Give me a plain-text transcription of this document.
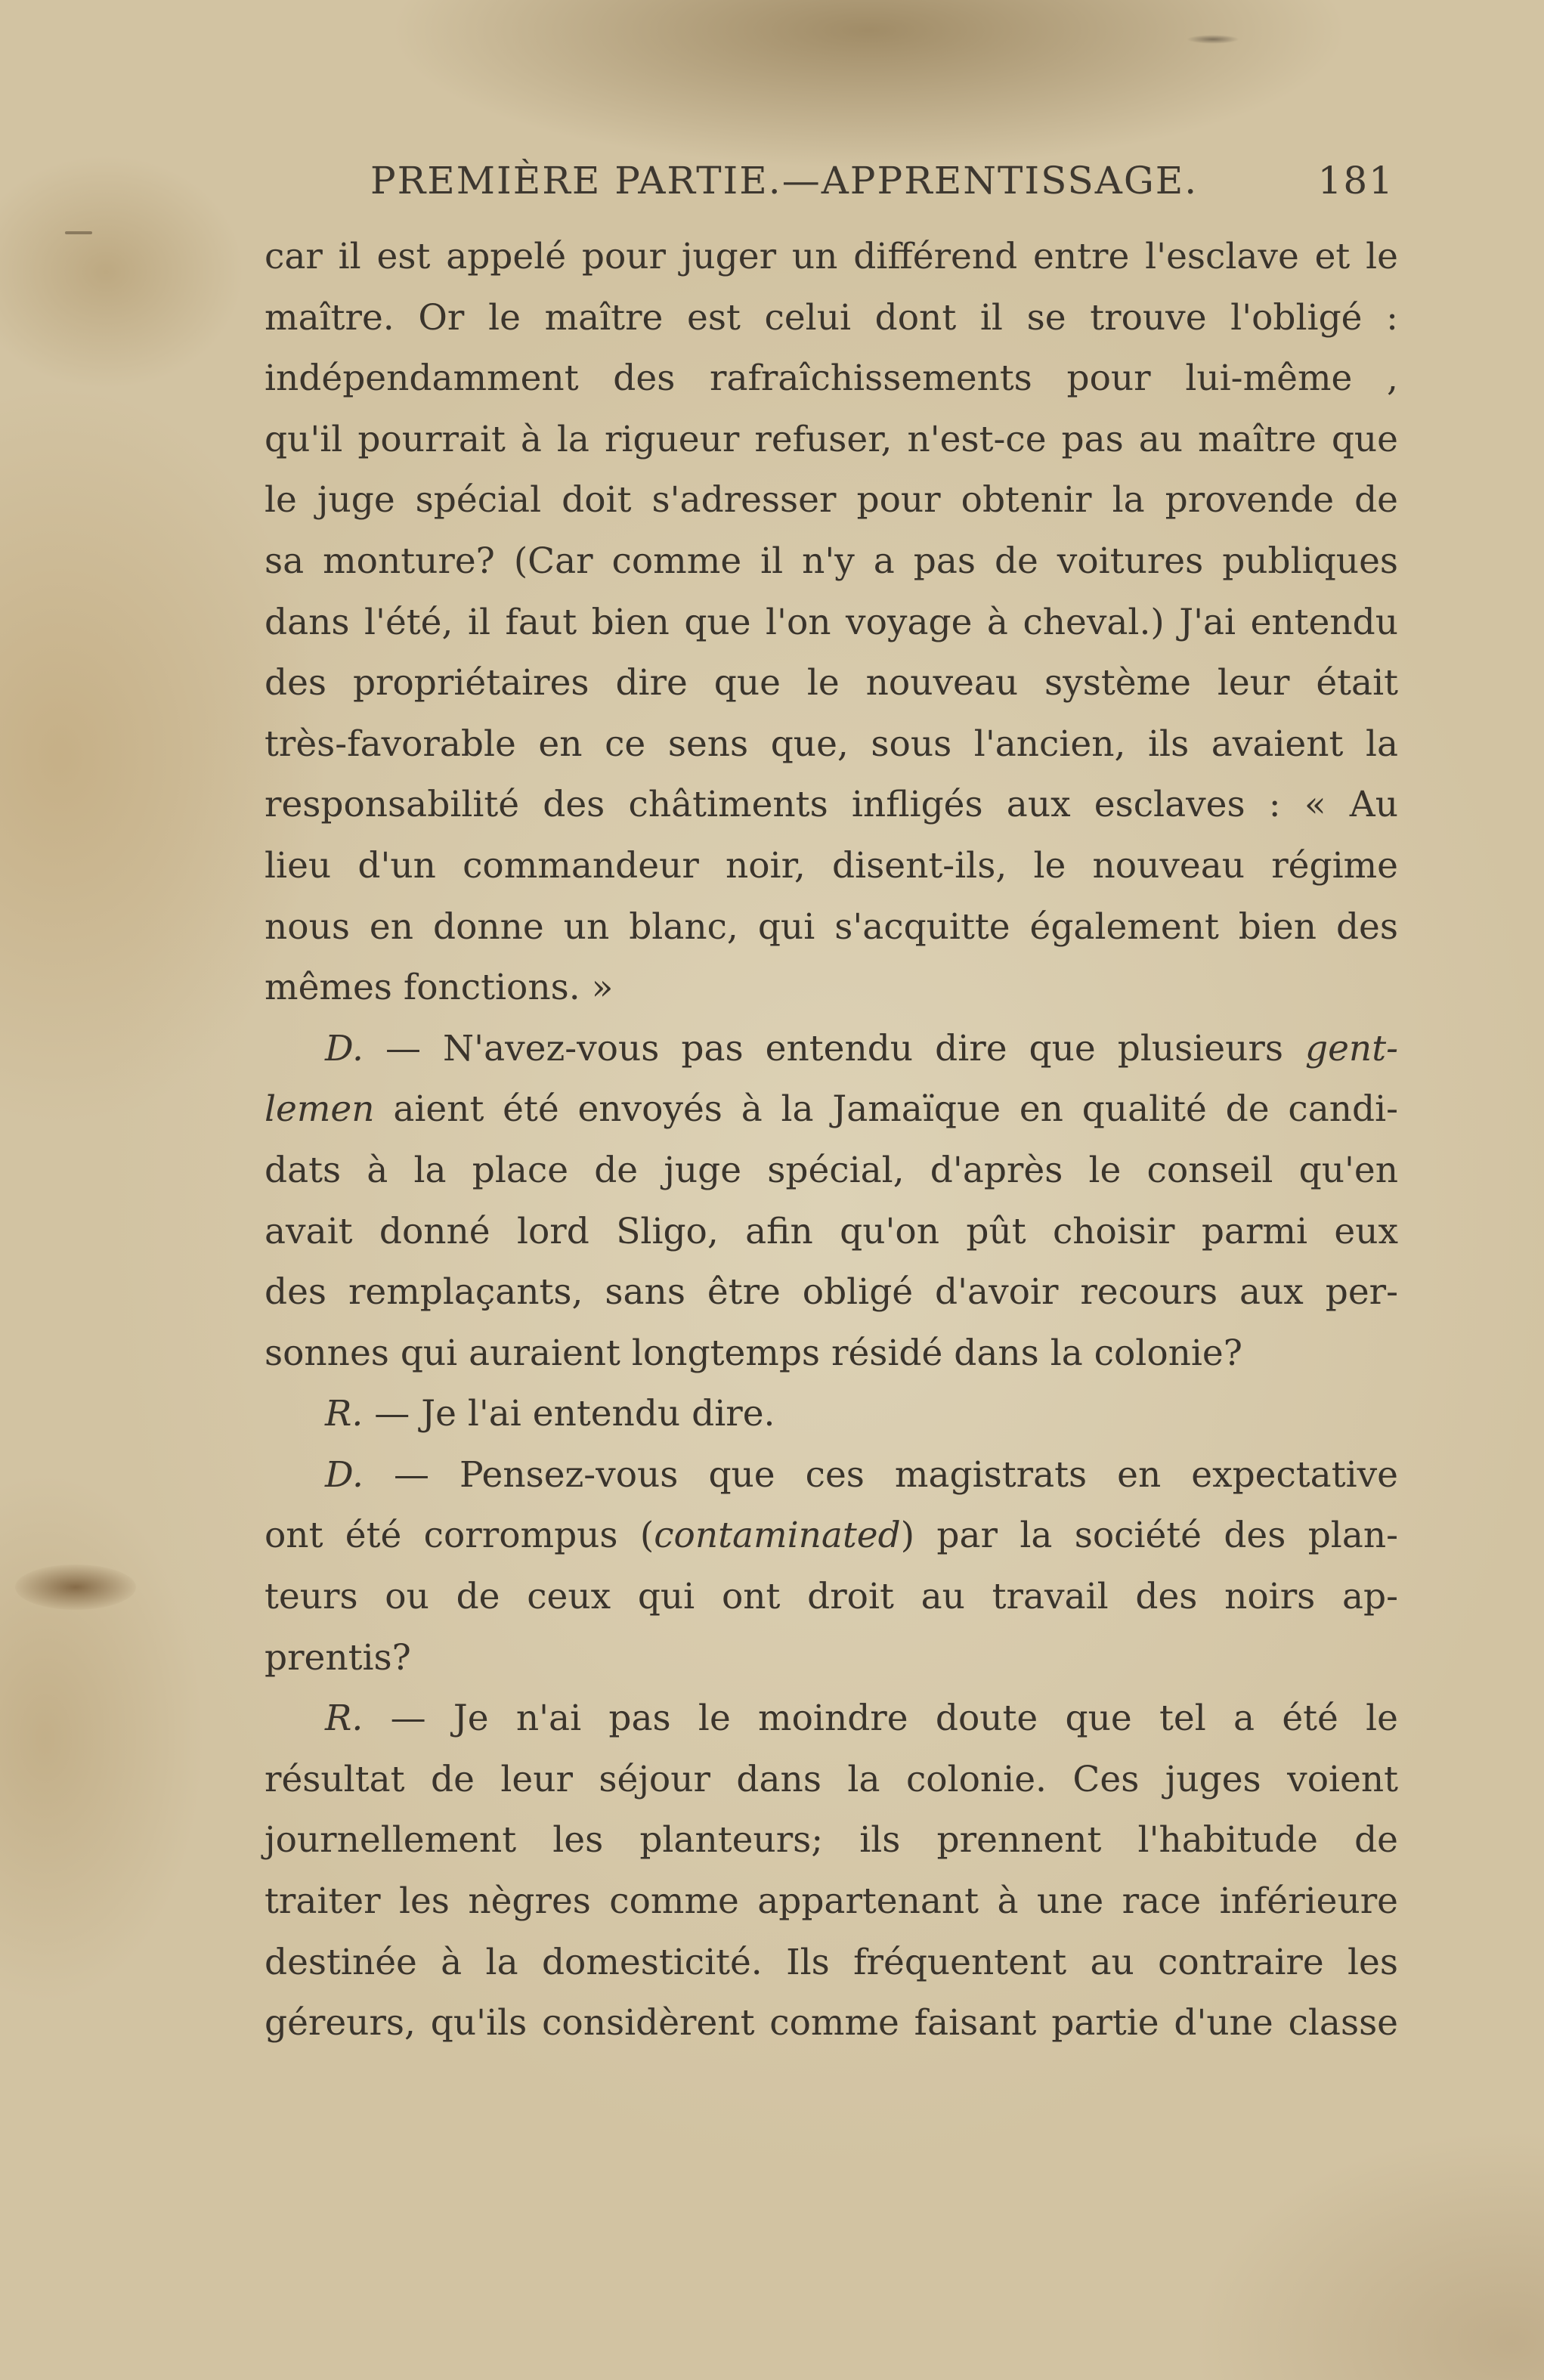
PREMIÈRE PARTIE.—APPRENTISSAGE.	181
car il est appelé pour juger un différend entre l'esclave et le
maître. Or le maître est celui dont il se trouve l'obligé :
indépendamment des rafraîchissements pour lui-même ,
qu'il pourrait à la rigueur refuser, n'est-ce pas au maître que
le juge spécial doit s'adresser pour obtenir la provende de
sa monture? (Car comme il n'y a pas de voitures publiques
dans l'été, il faut bien que l'on voyage à cheval.) J'ai entendu
des propriétaires dire que le nouveau système leur était
très-favorable en ce sens que, sous l'ancien, ils avaient la
responsabilité des châtiments infligés aux esclaves : « Au
lieu d'un commandeur noir, disent-ils, le nouveau régime
nous en donne un blanc, qui s'acquitte également bien des
mêmes fonctions. »
D. — N'avez-vous pas entendu dire que plusieurs gent-
lemen aient été envoyés à la Jamaïque en qualité de candi-
dats à la place de juge spécial, d'après le conseil qu'en
avait donné lord Sligo, afin qu'on pût choisir parmi eux
des remplaçants, sans être obligé d'avoir recours aux per-
sonnes qui auraient longtemps résidé dans la colonie?
R. — Je l'ai entendu dire.
D. — Pensez-vous que ces magistrats en expectative
ont été corrompus (contaminated) par la société des plan-
teurs ou de ceux qui ont droit au travail des noirs ap-
prentis?
R. — Je n'ai pas le moindre doute que tel a été le
résultat de leur séjour dans la colonie. Ces juges voient
journellement les planteurs; ils prennent l'habitude de
traiter les nègres comme appartenant à une race inférieure
destinée à la domesticité. Ils fréquentent au contraire les
géreurs, qu'ils considèrent comme faisant partie d'une classe
